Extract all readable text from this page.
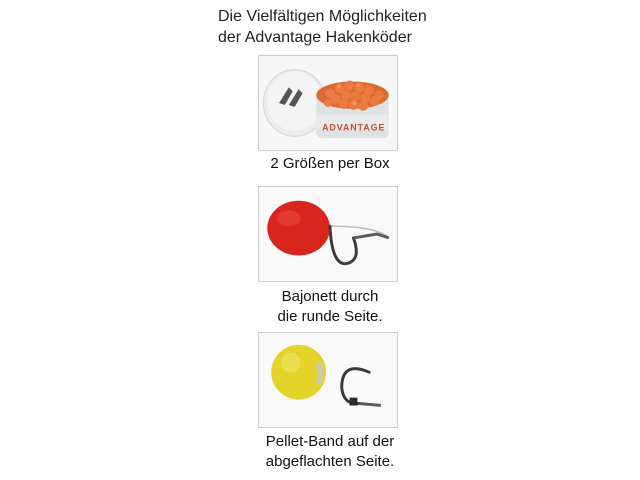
Die Vielfältigen Möglichkeiten
der Advantage Hakenköder
ADVANTAGE
2 Größen per Box
Bajonett durch
die runde Seite.
Pellet-Band auf der
abgeflachten Seite.
